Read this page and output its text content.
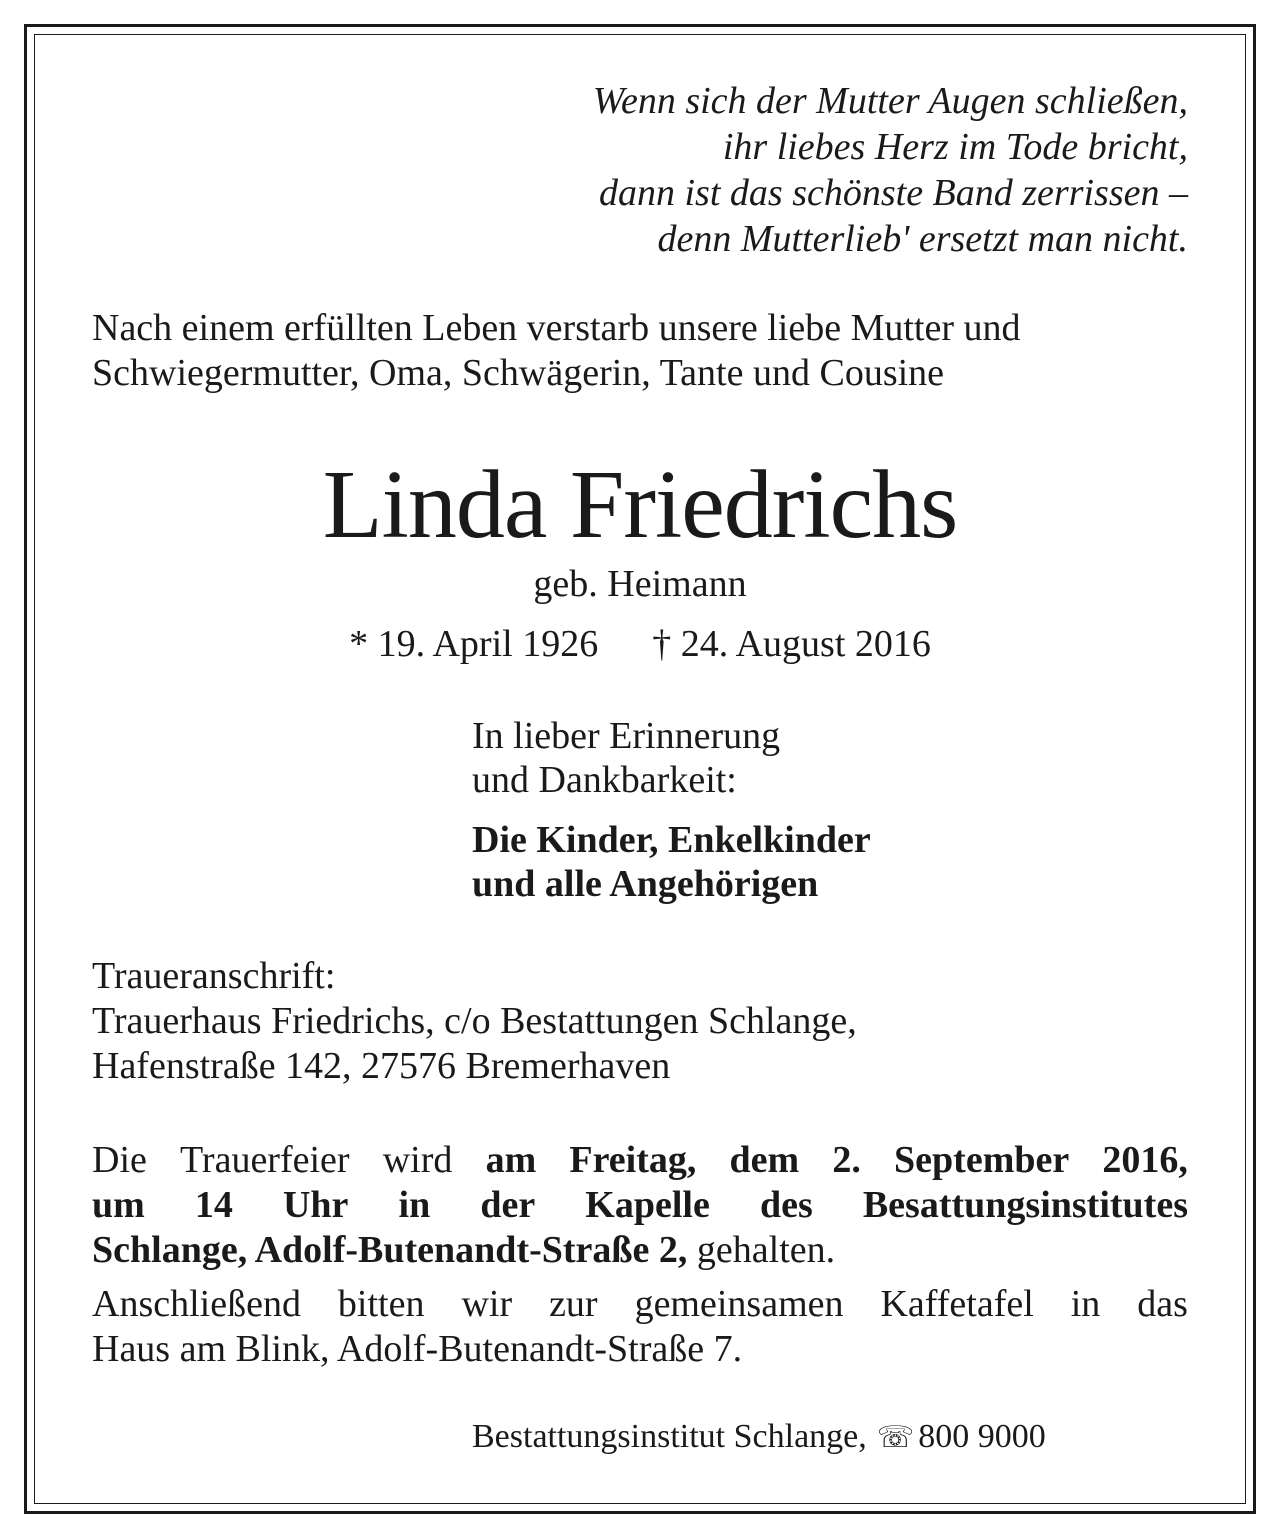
Wenn sich der Mutter Augen schließen,
ihr liebes Herz im Tode bricht,
dann ist das schönste Band zerrissen –
denn Mutterlieb' ersetzt man nicht.
Nach einem erfüllten Leben verstarb unsere liebe Mutter und
Schwiegermutter, Oma, Schwägerin, Tante und Cousine
Linda Friedrichs
geb. Heimann
* 19. April 1926 † 24. August 2016
In lieber Erinnerung
und Dankbarkeit:
Die Kinder, Enkelkinder
und alle Angehörigen
Traueranschrift:
Trauerhaus Friedrichs, c/o Bestattungen Schlange,
Hafenstraße 142, 27576 Bremerhaven
Die Trauerfeier wird am Freitag, dem 2. September 2016,
um 14 Uhr in der Kapelle des Besattungsinstitutes
Schlange, Adolf-Butenandt-Straße 2, gehalten.
Anschließend bitten wir zur gemeinsamen Kaffetafel in das
Haus am Blink, Adolf-Butenandt-Straße 7.
Bestattungsinstitut Schlange, ☏ 800 9000
